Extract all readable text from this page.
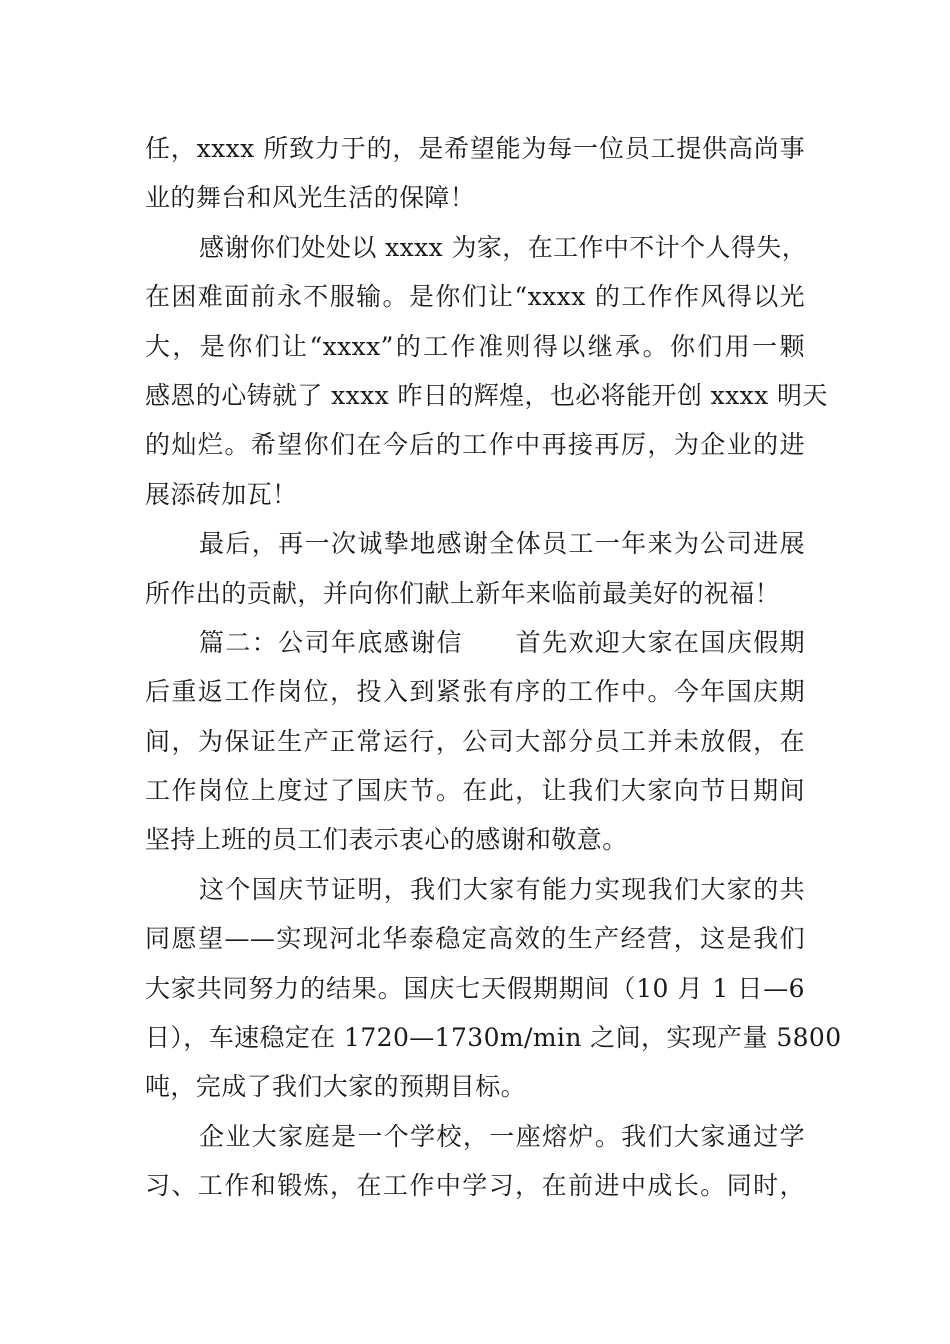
任，xxxx 所致力于的，是希望能为每一位员工提供高尚事
业的舞台和风光生活的保障！
感谢你们处处以 xxxx 为家，在工作中不计个人得失，
在困难面前永不服输。是你们让“xxxx 的工作作风得以光
大，是你们让“xxxx”的工作准则得以继承。你们用一颗
感恩的心铸就了 xxxx 昨日的辉煌，也必将能开创 xxxx 明天
的灿烂。希望你们在今后的工作中再接再厉，为企业的进
展添砖加瓦！
最后，再一次诚挚地感谢全体员工一年来为公司进展
所作出的贡献，并向你们献上新年来临前最美好的祝福！
篇二：公司年底感谢信　　首先欢迎大家在国庆假期
后重返工作岗位，投入到紧张有序的工作中。今年国庆期
间，为保证生产正常运行，公司大部分员工并未放假，在
工作岗位上度过了国庆节。在此，让我们大家向节日期间
坚持上班的员工们表示衷心的感谢和敬意。
这个国庆节证明，我们大家有能力实现我们大家的共
同愿望——实现河北华泰稳定高效的生产经营，这是我们
大家共同努力的结果。国庆七天假期期间（10 月 1 日—6
日），车速稳定在 1720—1730m/min 之间，实现产量 5800
吨，完成了我们大家的预期目标。
企业大家庭是一个学校，一座熔炉。我们大家通过学
习、工作和锻炼，在工作中学习，在前进中成长。同时，
